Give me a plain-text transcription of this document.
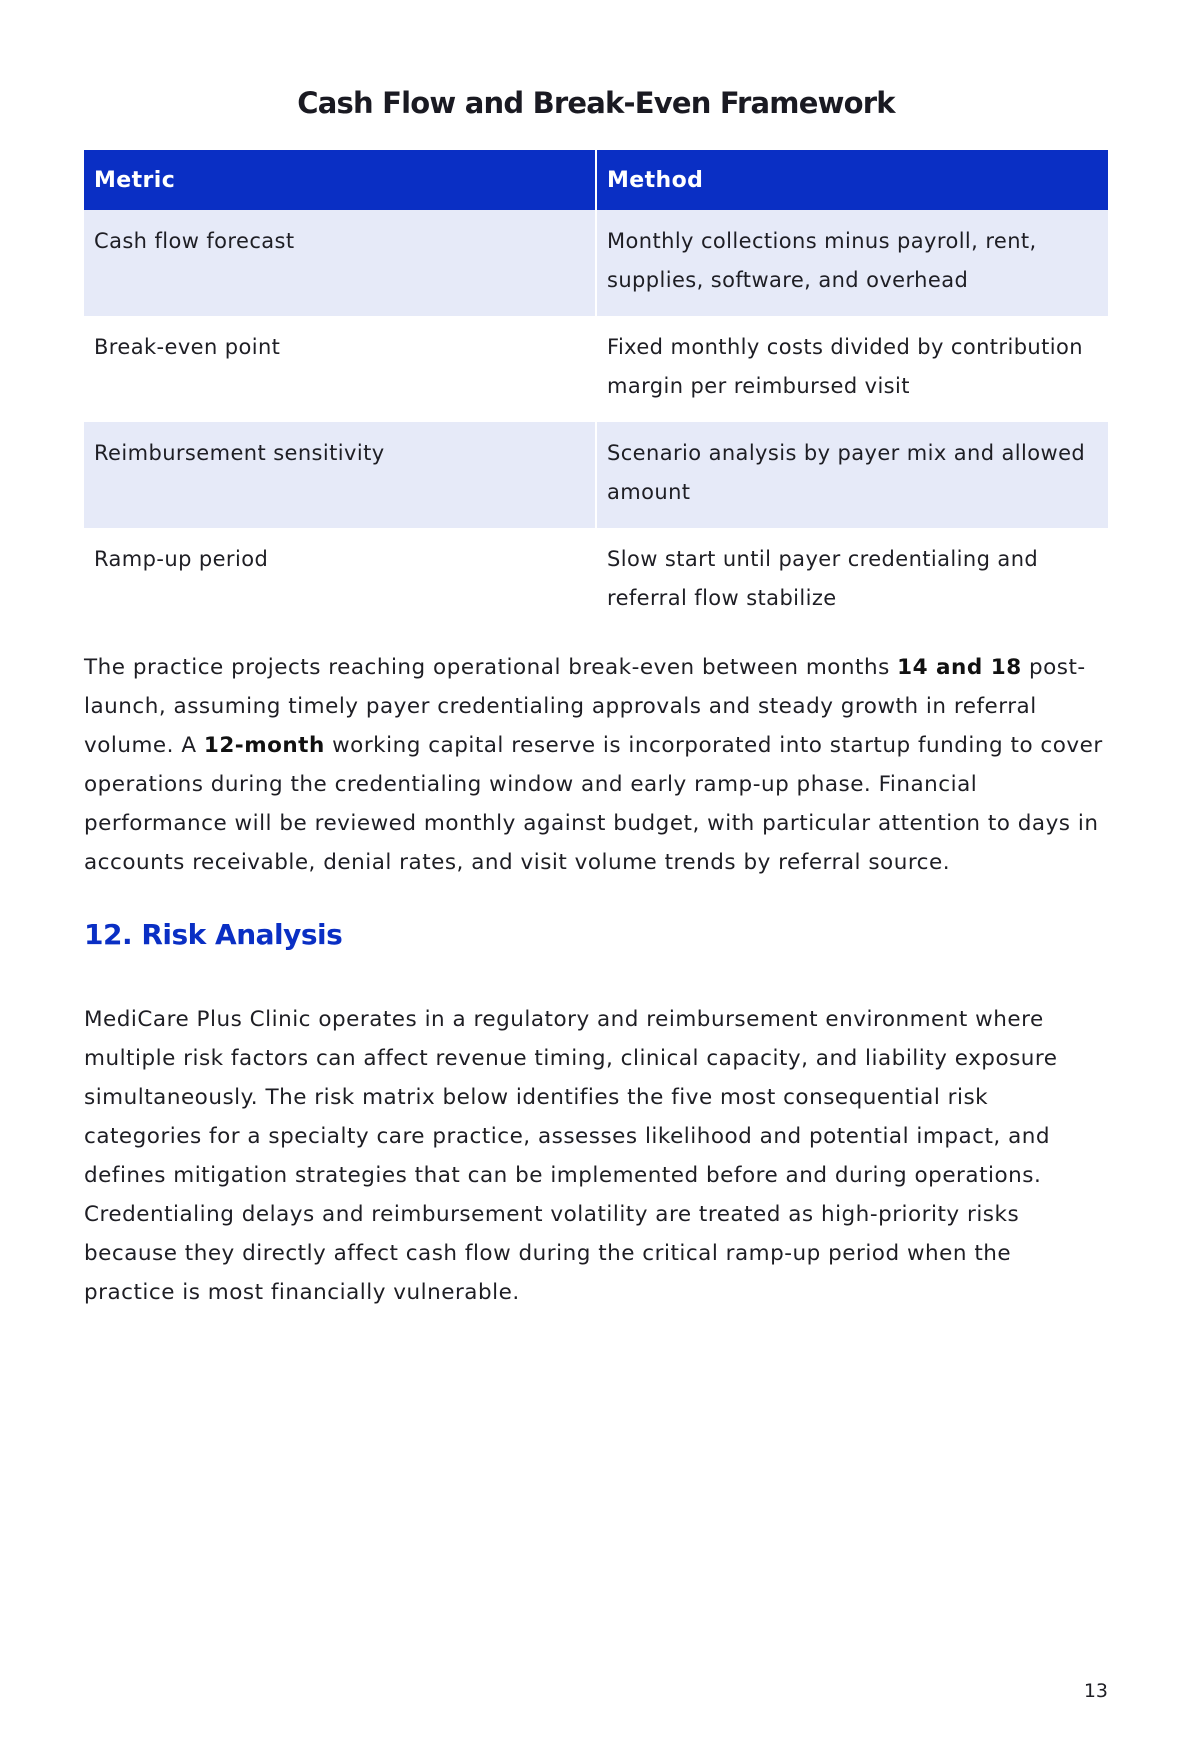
Cash Flow and Break-Even Framework
Metric	Method
Cash flow forecast	Monthly collections minus payroll, rent, supplies, software, and overhead
Break-even point	Fixed monthly costs divided by contribution margin per reimbursed visit
Reimbursement sensitivity	Scenario analysis by payer mix and allowed amount
Ramp-up period	Slow start until payer credentialing and referral flow stabilize

The practice projects reaching operational break-even between months 14 and 18 post-launch, assuming timely payer credentialing approvals and steady growth in referral volume. A 12-month working capital reserve is incorporated into startup funding to cover operations during the credentialing window and early ramp-up phase. Financial performance will be reviewed monthly against budget, with particular attention to days in accounts receivable, denial rates, and visit volume trends by referral source.

12. Risk Analysis

MediCare Plus Clinic operates in a regulatory and reimbursement environment where multiple risk factors can affect revenue timing, clinical capacity, and liability exposure simultaneously. The risk matrix below identifies the five most consequential risk categories for a specialty care practice, assesses likelihood and potential impact, and defines mitigation strategies that can be implemented before and during operations. Credentialing delays and reimbursement volatility are treated as high-priority risks because they directly affect cash flow during the critical ramp-up period when the practice is most financially vulnerable.

13
